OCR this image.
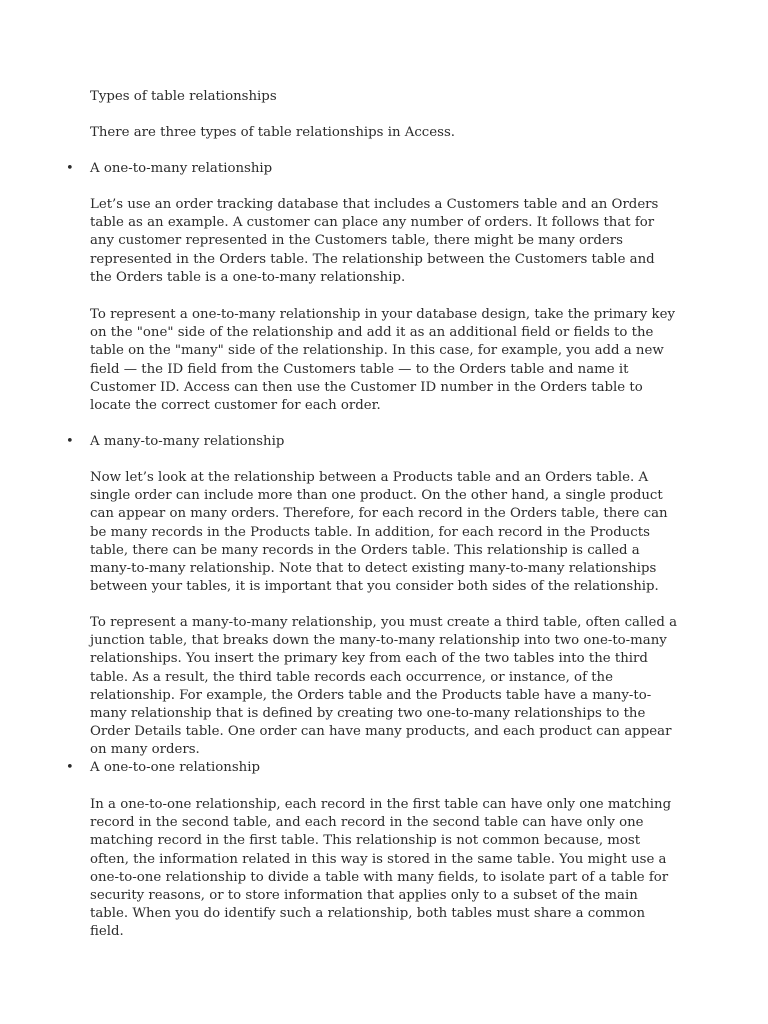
Types of table relationships

There are three types of table relationships in Access.

• A one-to-many relationship

Let’s use an order tracking database that includes a Customers table and an Orders table as an example. A customer can place any number of orders. It follows that for any customer represented in the Customers table, there might be many orders represented in the Orders table. The relationship between the Customers table and the Orders table is a one-to-many relationship.

To represent a one-to-many relationship in your database design, take the primary key on the "one" side of the relationship and add it as an additional field or fields to the table on the "many" side of the relationship. In this case, for example, you add a new field — the ID field from the Customers table — to the Orders table and name it Customer ID. Access can then use the Customer ID number in the Orders table to locate the correct customer for each order.

• A many-to-many relationship

Now let’s look at the relationship between a Products table and an Orders table. A single order can include more than one product. On the other hand, a single product can appear on many orders. Therefore, for each record in the Orders table, there can be many records in the Products table. In addition, for each record in the Products table, there can be many records in the Orders table. This relationship is called a many-to-many relationship. Note that to detect existing many-to-many relationships between your tables, it is important that you consider both sides of the relationship.

To represent a many-to-many relationship, you must create a third table, often called a junction table, that breaks down the many-to-many relationship into two one-to-many relationships. You insert the primary key from each of the two tables into the third table. As a result, the third table records each occurrence, or instance, of the relationship. For example, the Orders table and the Products table have a many-to-many relationship that is defined by creating two one-to-many relationships to the Order Details table. One order can have many products, and each product can appear on many orders.

• A one-to-one relationship

In a one-to-one relationship, each record in the first table can have only one matching record in the second table, and each record in the second table can have only one matching record in the first table. This relationship is not common because, most often, the information related in this way is stored in the same table. You might use a one-to-one relationship to divide a table with many fields, to isolate part of a table for security reasons, or to store information that applies only to a subset of the main table. When you do identify such a relationship, both tables must share a common field.
